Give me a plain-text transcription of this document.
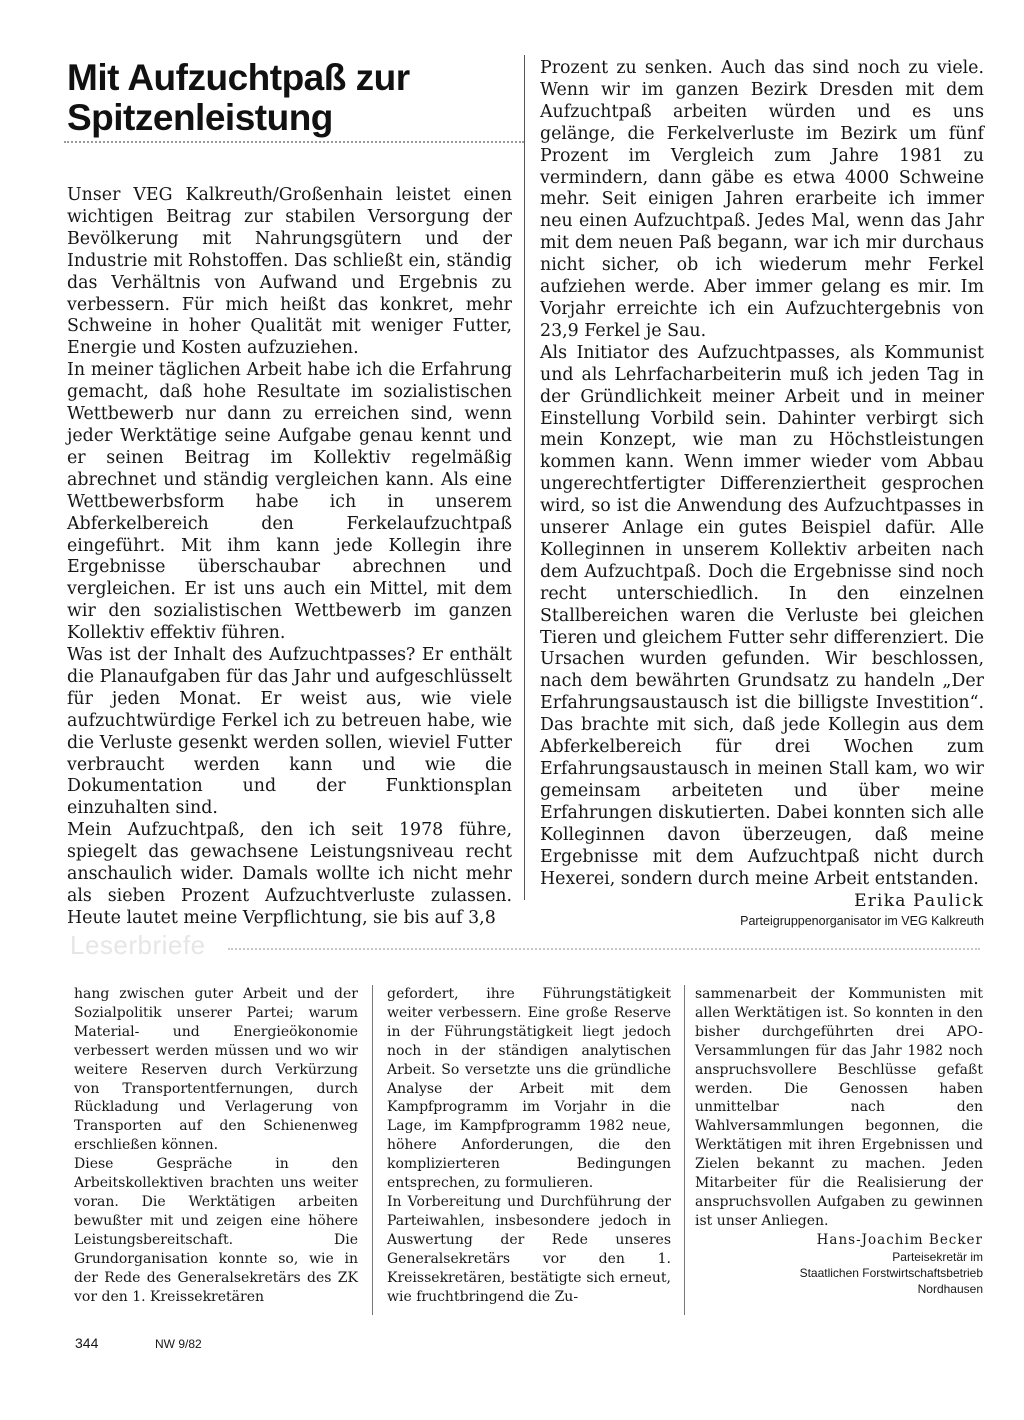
Mit Aufzuchtpaß zur Spitzenleistung

Unser VEG Kalkreuth/Großenhain leistet einen wichtigen Beitrag zur stabilen Versorgung der Bevölkerung mit Nahrungsgütern und der Industrie mit Rohstoffen. Das schließt ein, ständig das Verhältnis von Aufwand und Ergebnis zu verbessern. Für mich heißt das konkret, mehr Schweine in hoher Qualität mit weniger Futter, Energie und Kosten aufzuziehen.

In meiner täglichen Arbeit habe ich die Erfahrung gemacht, daß hohe Resultate im sozialistischen Wettbewerb nur dann zu erreichen sind, wenn jeder Werktätige seine Aufgabe genau kennt und er seinen Beitrag im Kollektiv regelmäßig abrechnet und ständig vergleichen kann. Als eine Wettbewerbsform habe ich in unserem Abferkelbereich den Ferkelaufzuchtpaß eingeführt. Mit ihm kann jede Kollegin ihre Ergebnisse überschaubar abrechnen und vergleichen. Er ist uns auch ein Mittel, mit dem wir den sozialistischen Wettbewerb im ganzen Kollektiv effektiv führen.

Was ist der Inhalt des Aufzuchtpasses? Er enthält die Planaufgaben für das Jahr und aufgeschlüsselt für jeden Monat. Er weist aus, wie viele aufzuchtwürdige Ferkel ich zu betreuen habe, wie die Verluste gesenkt werden sollen, wieviel Futter verbraucht werden kann und wie die Dokumentation und der Funktionsplan einzuhalten sind.

Mein Aufzuchtpaß, den ich seit 1978 führe, spiegelt das gewachsene Leistungsniveau recht anschaulich wider. Damals wollte ich nicht mehr als sieben Prozent Aufzuchtverluste zulassen. Heute lautet meine Verpflichtung, sie bis auf 3,8

Prozent zu senken. Auch das sind noch zu viele. Wenn wir im ganzen Bezirk Dresden mit dem Aufzuchtpaß arbeiten würden und es uns gelänge, die Ferkelverluste im Bezirk um fünf Prozent im Vergleich zum Jahre 1981 zu vermindern, dann gäbe es etwa 4000 Schweine mehr. Seit einigen Jahren erarbeite ich immer neu einen Aufzuchtpaß. Jedes Mal, wenn das Jahr mit dem neuen Paß begann, war ich mir durchaus nicht sicher, ob ich wiederum mehr Ferkel aufziehen werde. Aber immer gelang es mir. Im Vorjahr erreichte ich ein Aufzuchtergebnis von 23,9 Ferkel je Sau.

Als Initiator des Aufzuchtpasses, als Kommunist und als Lehrfacharbeiterin muß ich jeden Tag in der Gründlichkeit meiner Arbeit und in meiner Einstellung Vorbild sein. Dahinter verbirgt sich mein Konzept, wie man zu Höchstleistungen kommen kann. Wenn immer wieder vom Abbau ungerechtfertigter Differenziertheit gesprochen wird, so ist die Anwendung des Aufzuchtpasses in unserer Anlage ein gutes Beispiel dafür. Alle Kolleginnen in unserem Kollektiv arbeiten nach dem Aufzuchtpaß. Doch die Ergebnisse sind noch recht unterschiedlich. In den einzelnen Stallbereichen waren die Verluste bei gleichen Tieren und gleichem Futter sehr differenziert. Die Ursachen wurden gefunden. Wir beschlossen, nach dem bewährten Grundsatz zu handeln „Der Erfahrungsaustausch ist die billigste Investition“. Das brachte mit sich, daß jede Kollegin aus dem Abferkelbereich für drei Wochen zum Erfahrungsaustausch in meinen Stall kam, wo wir gemeinsam arbeiteten und über meine Erfahrungen diskutierten. Dabei konnten sich alle Kolleginnen davon überzeugen, daß meine Ergebnisse mit dem Aufzuchtpaß nicht durch Hexerei, sondern durch meine Arbeit entstanden.

Erika Paulick

Parteigruppenorganisator im VEG Kalkreuth

Leserbriefe

hang zwischen guter Arbeit und der Sozialpolitik unserer Partei; warum Material- und Energieökonomie verbessert werden müssen und wo wir weitere Reserven durch Verkürzung von Transportentfernungen, durch Rückladung und Verlagerung von Transporten auf den Schienenweg erschließen können.

Diese Gespräche in den Arbeitskollektiven brachten uns weiter voran. Die Werktätigen arbeiten bewußter mit und zeigen eine höhere Leistungsbereitschaft. Die Grundorganisation konnte so, wie in der Rede des Generalsekretärs des ZK vor den 1. Kreissekretären

gefordert, ihre Führungstätigkeit weiter verbessern. Eine große Reserve in der Führungstätigkeit liegt jedoch noch in der ständigen analytischen Arbeit. So versetzte uns die gründliche Analyse der Arbeit mit dem Kampfprogramm im Vorjahr in die Lage, im Kampfprogramm 1982 neue, höhere Anforderungen, die den komplizierteren Bedingungen entsprechen, zu formulieren.

In Vorbereitung und Durchführung der Parteiwahlen, insbesondere jedoch in Auswertung der Rede unseres Generalsekretärs vor den 1. Kreissekretären, bestätigte sich erneut, wie fruchtbringend die Zu-

sammenarbeit der Kommunisten mit allen Werktätigen ist. So konnten in den bisher durchgeführten drei APO-Versammlungen für das Jahr 1982 noch anspruchsvollere Beschlüsse gefaßt werden. Die Genossen haben unmittelbar nach den Wahlversammlungen begonnen, die Werktätigen mit ihren Ergebnissen und Zielen bekannt zu machen. Jeden Mitarbeiter für die Realisierung der anspruchsvollen Aufgaben zu gewinnen ist unser Anliegen.

Hans-Joachim Becker

Parteisekretär im

Staatlichen Forstwirtschaftsbetrieb

Nordhausen

344	NW 9/82
